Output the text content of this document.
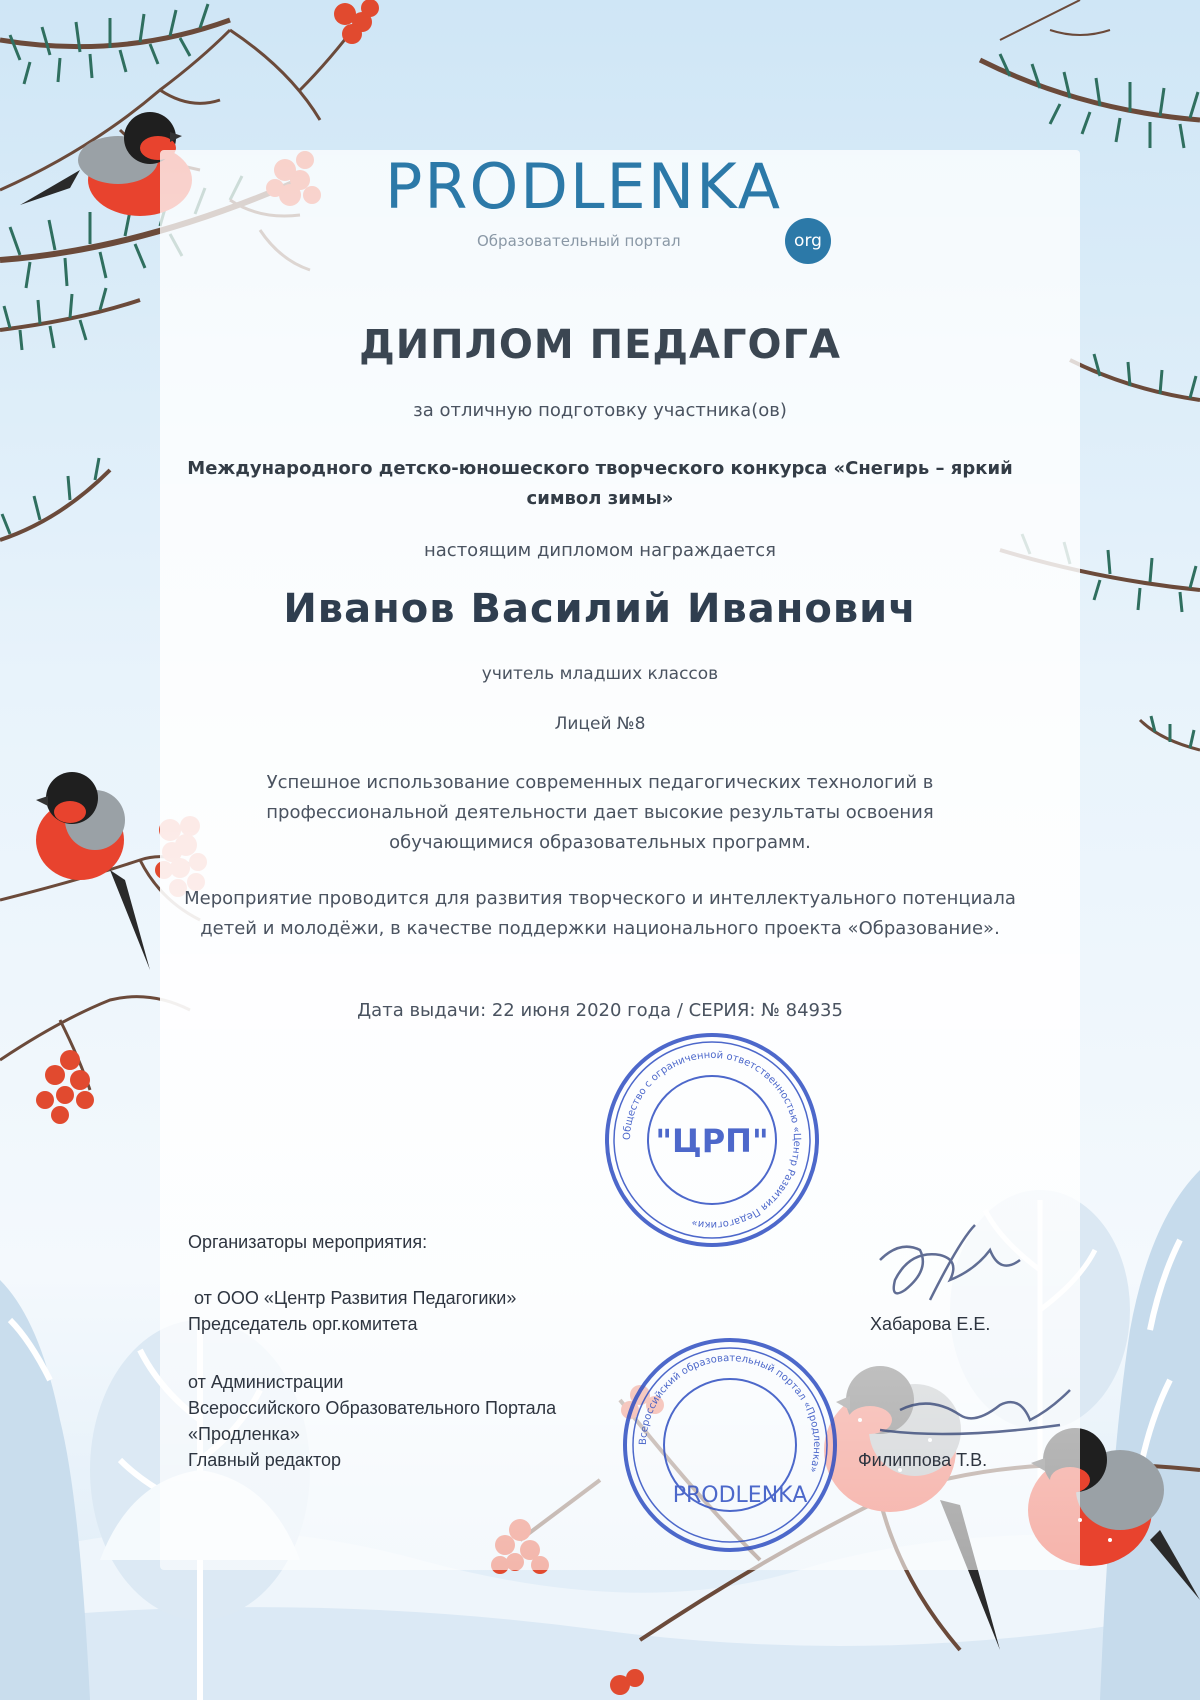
PRODLENKA
org
Образовательный портал
ДИПЛОМ ПЕДАГОГА
за отличную подготовку участника(ов)
Международного детско-юношеского творческого конкурса «Снегирь – яркий символ зимы»
настоящим дипломом награждается
Иванов Василий Иванович
учитель младших классов
Лицей №8
Успешное использование современных педагогических технологий в профессиональной деятельности дает высокие результаты освоения обучающимися образовательных программ.
Мероприятие проводится для развития творческого и интеллектуального потенциала детей и молодёжи, в качестве поддержки национального проекта «Образование».
Дата выдачи: 22 июня 2020 года / СЕРИЯ: № 84935
Общество с ограниченной ответственностью «Центр Развития Педагогики»
"ЦРП"
Всероссийский образовательный портал «Продленка»
PRODLENKA
Организаторы мероприятия:
от ООО «Центр Развития Педагогики»
Председатель орг.комитета	Хабарова Е.Е.
от Администрации
Всероссийского Образовательного Портала
«Продленка»
Главный редактор	Филиппова Т.В.
